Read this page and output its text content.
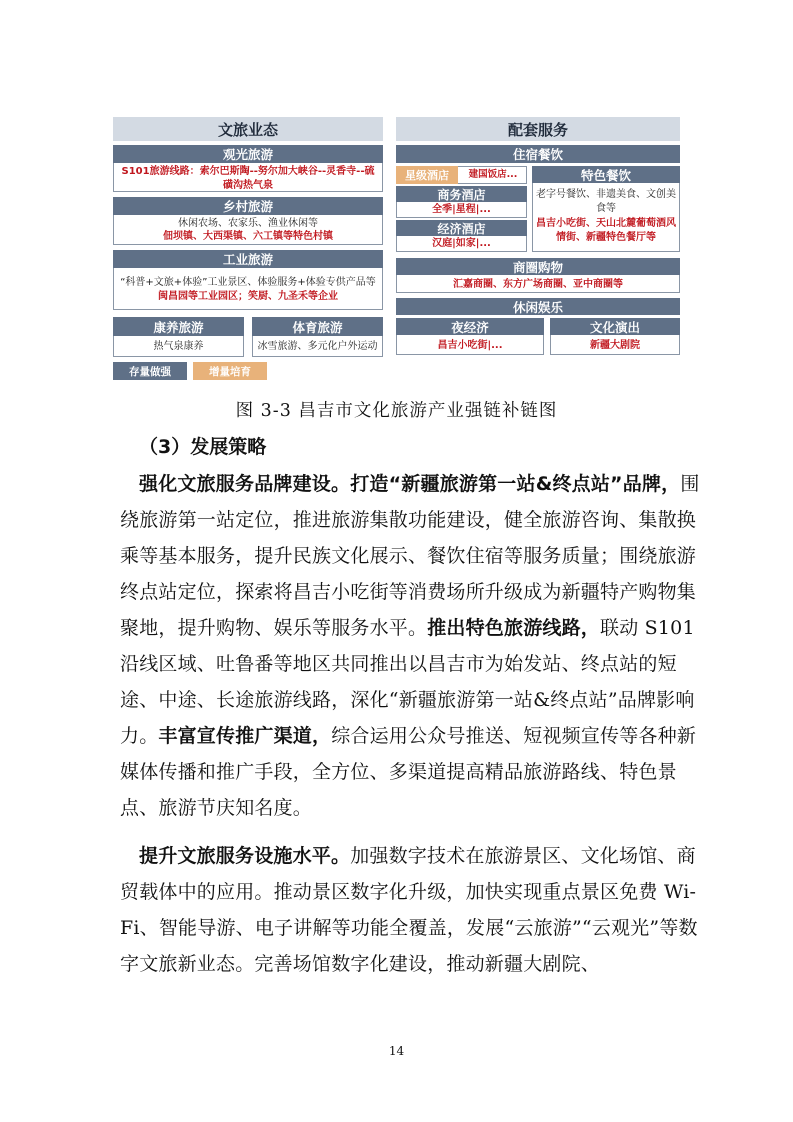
文旅业态	配套服务
观光旅游
S101旅游线路：索尔巴斯陶--努尔加大峡谷--灵香寺--硫磺沟热气泉
乡村旅游
休闲农场、农家乐、渔业休闲等
佃坝镇、大西渠镇、六工镇等特色村镇
工业旅游
“科普+文旅+体验”工业景区、体验服务+体验专供产品等
闽昌园等工业园区；笑厨、九圣禾等企业
康养旅游
热气泉康养
体育旅游
冰雪旅游、多元化户外运动
存量做强	增量培育
住宿餐饮
星级酒店	建国饭店...
商务酒店
全季|星程|...
经济酒店
汉庭|如家|...
特色餐饮
老字号餐饮、非遗美食、文创美食等
昌吉小吃街、天山北麓葡萄酒风情街、新疆特色餐厅等
商圈购物
汇嘉商圈、东方广场商圈、亚中商圈等
休闲娱乐
夜经济
昌吉小吃街|...
文化演出
新疆大剧院
图 3-3 昌吉市文化旅游产业强链补链图
（3）发展策略
强化文旅服务品牌建设。打造“新疆旅游第一站&终点站”品牌，围绕旅游第一站定位，推进旅游集散功能建设，健全旅游咨询、集散换乘等基本服务，提升民族文化展示、餐饮住宿等服务质量；围绕旅游终点站定位，探索将昌吉小吃街等消费场所升级成为新疆特产购物集聚地，提升购物、娱乐等服务水平。推出特色旅游线路，联动 S101 沿线区域、吐鲁番等地区共同推出以昌吉市为始发站、终点站的短途、中途、长途旅游线路，深化“新疆旅游第一站&终点站”品牌影响力。丰富宣传推广渠道，综合运用公众号推送、短视频宣传等各种新媒体传播和推广手段，全方位、多渠道提高精品旅游路线、特色景点、旅游节庆知名度。
提升文旅服务设施水平。加强数字技术在旅游景区、文化场馆、商贸载体中的应用。推动景区数字化升级，加快实现重点景区免费 Wi-Fi、智能导游、电子讲解等功能全覆盖，发展“云旅游”“云观光”等数字文旅新业态。完善场馆数字化建设，推动新疆大剧院、
14
